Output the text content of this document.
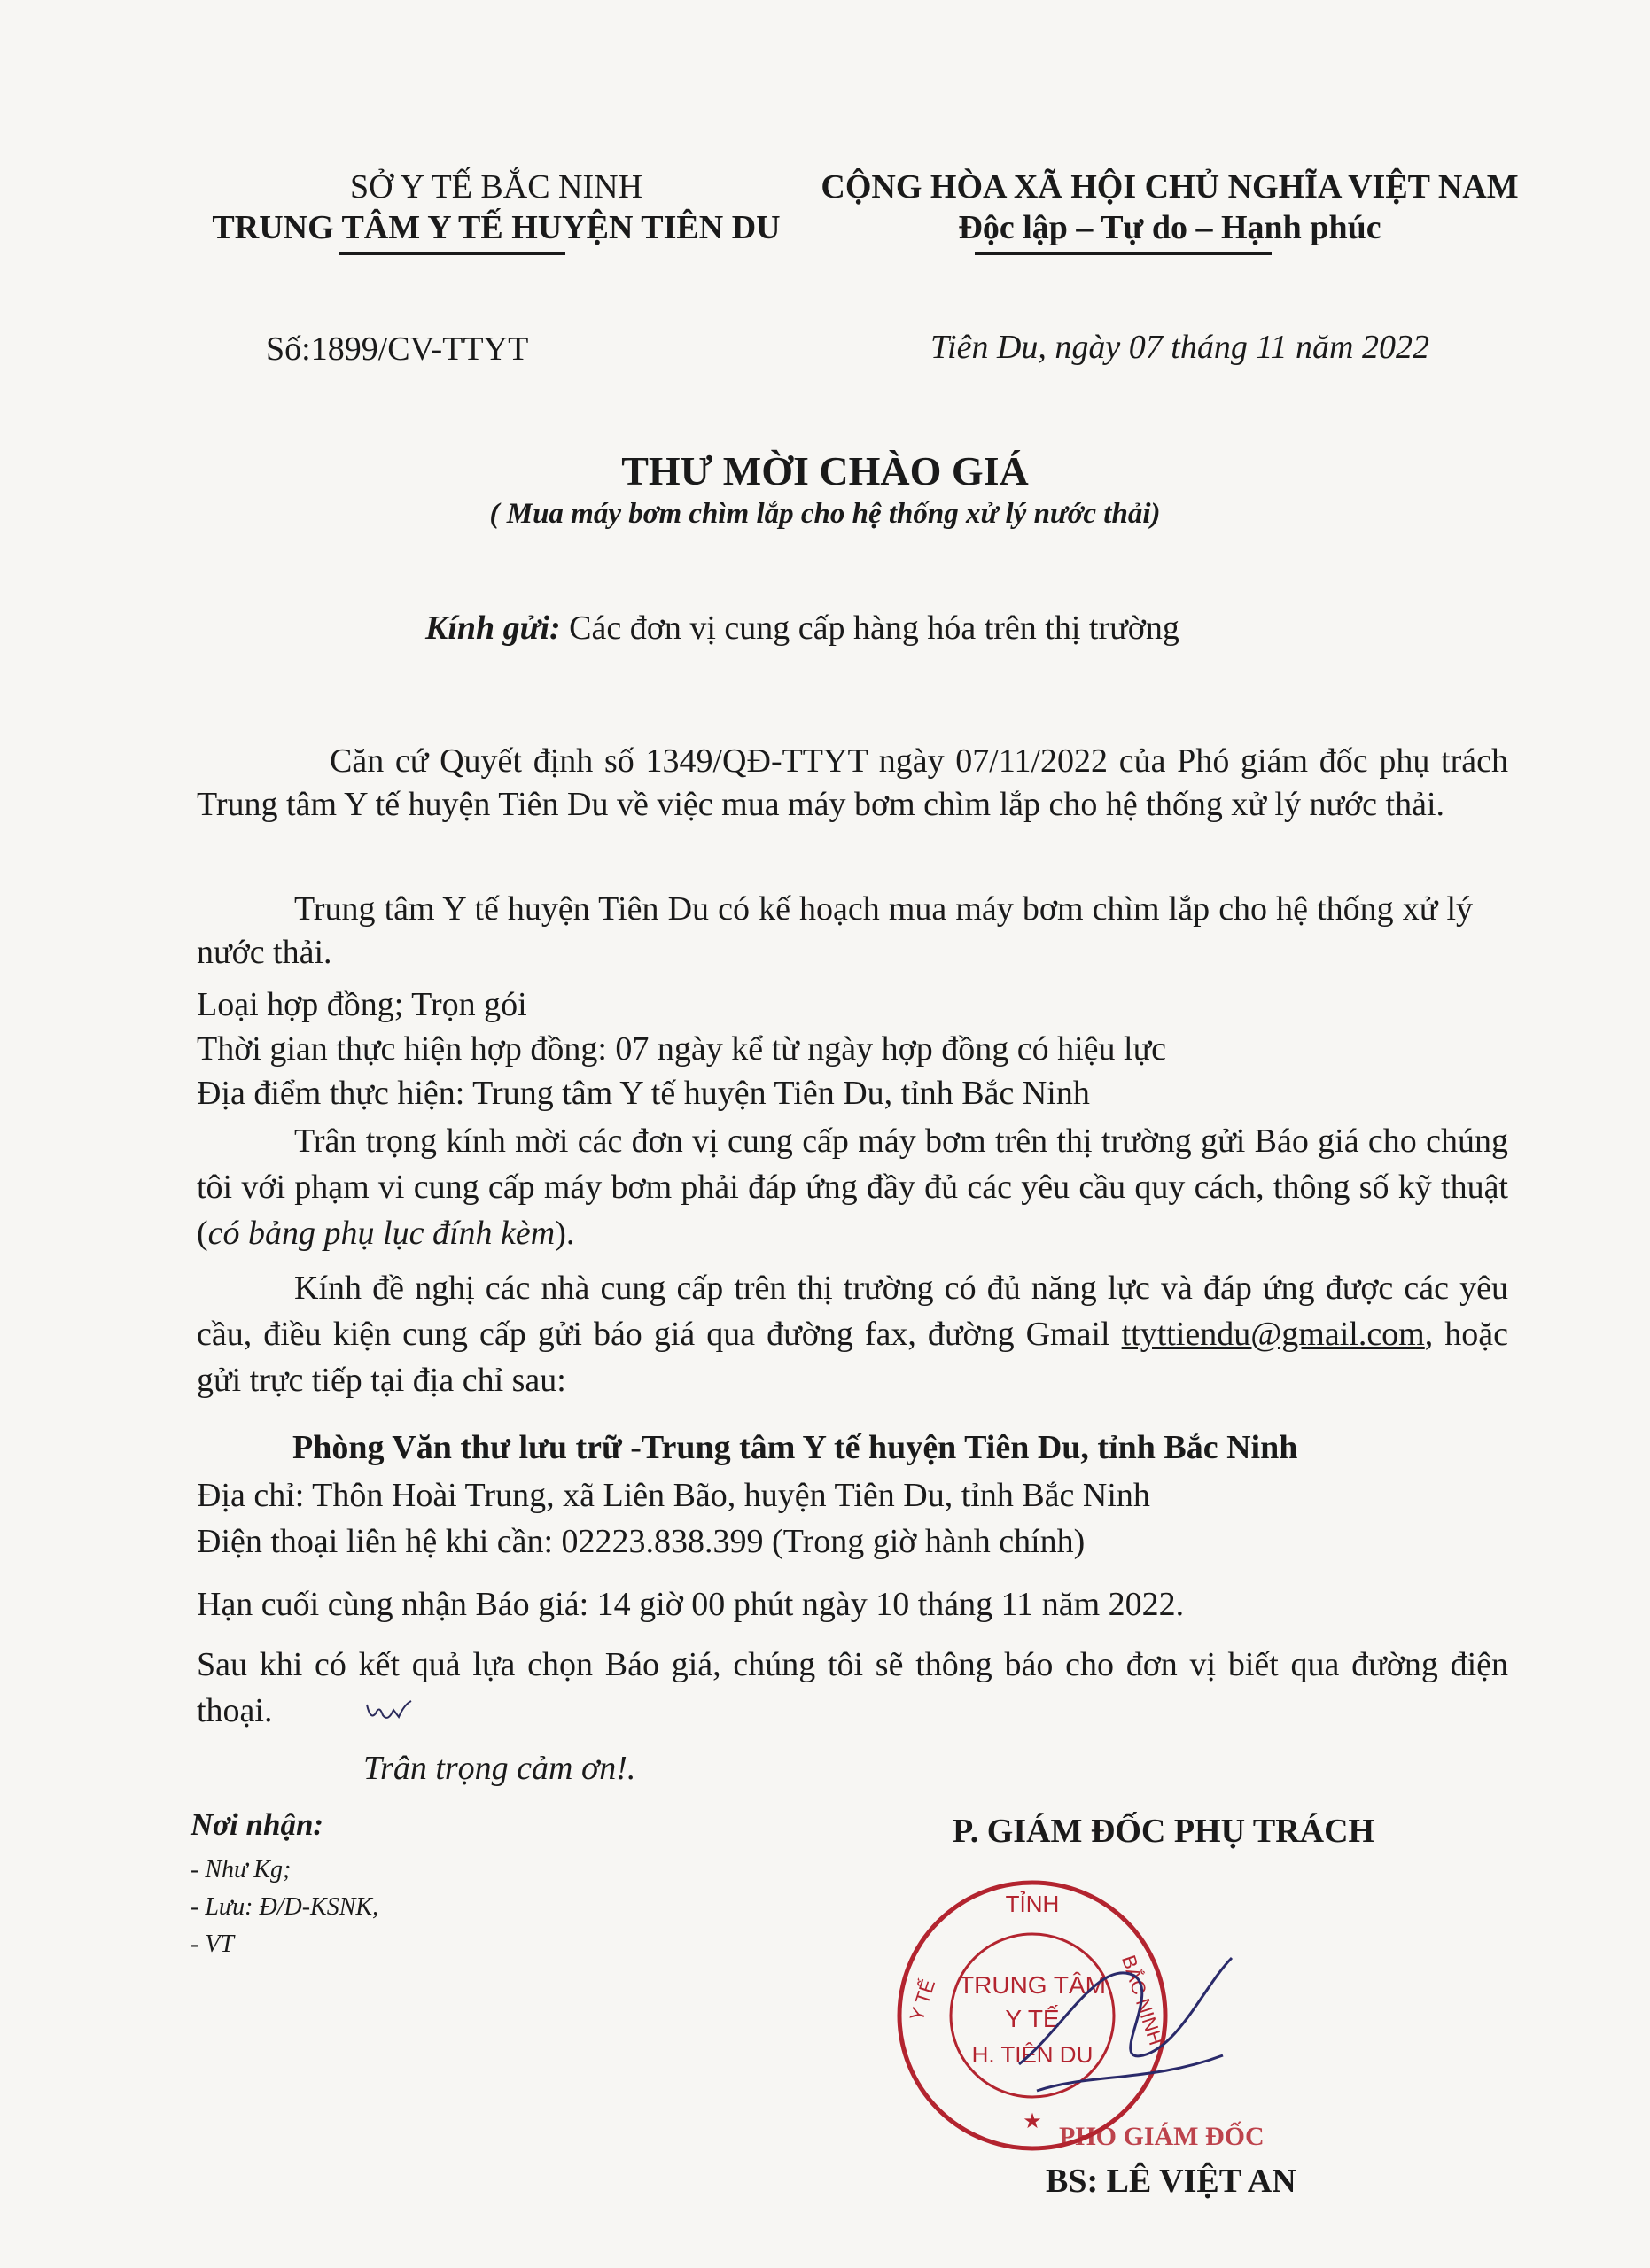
SỞ Y TẾ BẮC NINH
TRUNG TÂM Y TẾ HUYỆN TIÊN DU
CỘNG HÒA XÃ HỘI CHỦ NGHĨA VIỆT NAM
Độc lập – Tự do – Hạnh phúc
Số:1899/CV-TTYT	Tiên Du, ngày 07 tháng 11 năm 2022
THƯ MỜI CHÀO GIÁ
( Mua máy bơm chìm lắp cho hệ thống xử lý nước thải)
Kính gửi: Các đơn vị cung cấp hàng hóa trên thị trường
Căn cứ Quyết định số 1349/QĐ-TTYT ngày 07/11/2022 của Phó giám đốc phụ trách Trung tâm Y tế huyện Tiên Du về việc mua máy bơm chìm lắp cho hệ thống xử lý nước thải.
Trung tâm Y tế huyện Tiên Du có kế hoạch mua máy bơm chìm lắp cho hệ thống xử lý nước thải.
Loại hợp đồng; Trọn gói
Thời gian thực hiện hợp đồng: 07 ngày kể từ ngày hợp đồng có hiệu lực
Địa điểm thực hiện: Trung tâm Y tế huyện Tiên Du, tỉnh Bắc Ninh
Trân trọng kính mời các đơn vị cung cấp máy bơm trên thị trường gửi Báo giá cho chúng tôi với phạm vi cung cấp máy bơm phải đáp ứng đầy đủ các yêu cầu quy cách, thông số kỹ thuật (có bảng phụ lục đính kèm).
Kính đề nghị các nhà cung cấp trên thị trường có đủ năng lực và đáp ứng được các yêu cầu, điều kiện cung cấp gửi báo giá qua đường fax, đường Gmail ttyttiendu@gmail.com, hoặc gửi trực tiếp tại địa chỉ sau:
Phòng Văn thư lưu trữ -Trung tâm Y tế huyện Tiên Du, tỉnh Bắc Ninh
Địa chỉ: Thôn Hoài Trung, xã Liên Bão, huyện Tiên Du, tỉnh Bắc Ninh
Điện thoại liên hệ khi cần: 02223.838.399 (Trong giờ hành chính)
Hạn cuối cùng nhận Báo giá: 14 giờ 00 phút ngày 10 tháng 11 năm 2022.
Sau khi có kết quả lựa chọn Báo giá, chúng tôi sẽ thông báo cho đơn vị biết qua đường điện thoại.
Trân trọng cảm ơn!.
Nơi nhận:
- Như Kg;
- Lưu: Đ/D-KSNK,
- VT
P. GIÁM ĐỐC PHỤ TRÁCH
TỈNH
Y TẾ	BẮC NINH
TRUNG TÂM
Y TẾ
H. TIÊN DU
★
PHÓ GIÁM ĐỐC
BS: LÊ VIỆT AN
